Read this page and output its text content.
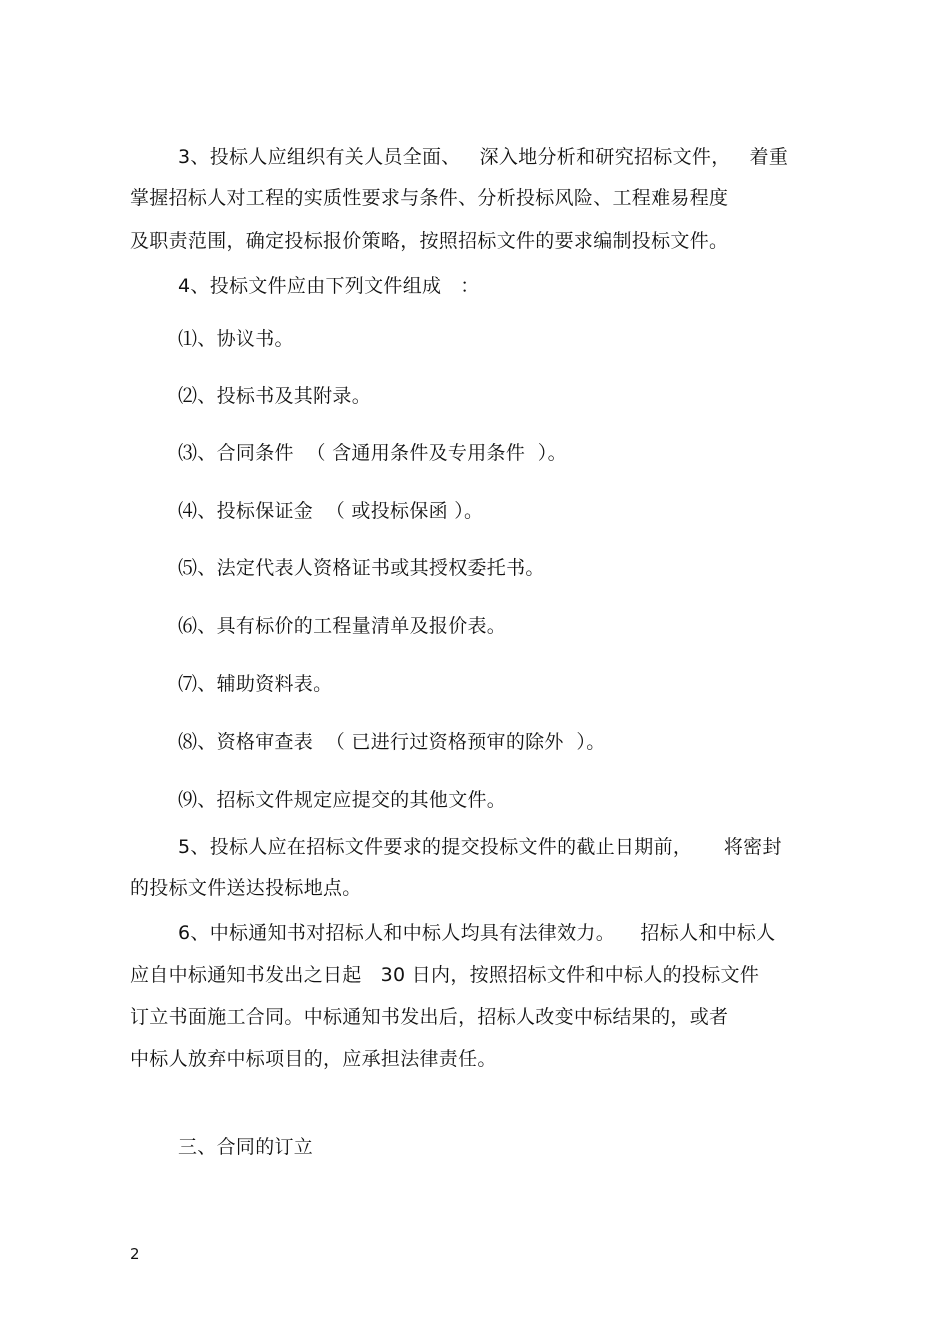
3、投标人应组织有关人员全面、   深入地分析和研究招标文件，   着重
掌握招标人对工程的实质性要求与条件、分析投标风险、工程难易程度
及职责范围，确定投标报价策略，按照招标文件的要求编制投标文件。
4、投标文件应由下列文件组成   ：
⑴、协议书。
⑵、投标书及其附录。
⑶、合同条件  （ 含通用条件及专用条件  ）。
⑷、投标保证金  （ 或投标保函 ）。
⑸、法定代表人资格证书或其授权委托书。
⑹、具有标价的工程量清单及报价表。
⑺、辅助资料表。
⑻、资格审查表  （ 已进行过资格预审的除外  ）。
⑼、招标文件规定应提交的其他文件。
5、投标人应在招标文件要求的提交投标文件的截止日期前，     将密封
的投标文件送达投标地点。
6、中标通知书对招标人和中标人均具有法律效力。    招标人和中标人
应自中标通知书发出之日起   30 日内，按照招标文件和中标人的投标文件
订立书面施工合同。中标通知书发出后，招标人改变中标结果的，或者
中标人放弃中标项目的，应承担法律责任。
三、合同的订立
2
